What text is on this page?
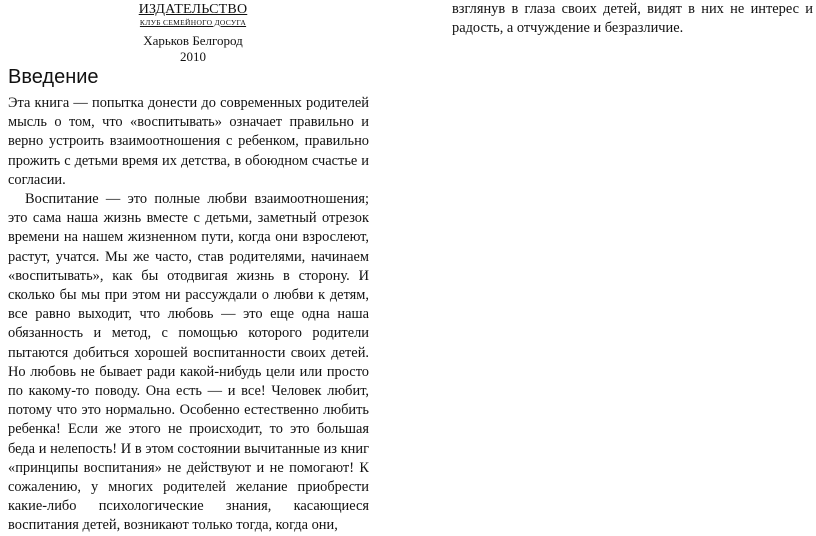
ИЗДАТЕЛЬСТВО
КЛУБ СЕМЕЙНОГО ДОСУГА
Харьков Белгород
2010
Введение

Эта книга — попытка донести до современных родителей мысль о том, что «воспитывать» означает правильно и верно устроить взаимоотношения с ребенком, правильно прожить с детьми время их детства, в обоюдном счастье и согласии.

Воспитание — это полные любви взаимоотношения; это сама наша жизнь вместе с детьми, заметный отрезок времени на нашем жизненном пути, когда они взрослеют, растут, учатся. Мы же часто, став родителями, начинаем «воспитывать», как бы отодвигая жизнь в сторону. И сколько бы мы при этом ни рассуждали о любви к детям, все равно выходит, что любовь — это еще одна наша обязанность и метод, с помощью которого родители пытаются добиться хорошей воспитанности своих детей. Но любовь не бывает ради какой-нибудь цели или просто по какому-то поводу. Она есть — и все! Человек любит, потому что это нормально. Особенно естественно любить ребенка! Если же этого не происходит, то это большая беда и нелепость! И в этом состоянии вычитанные из книг «принципы воспитания» не действуют и не помогают! К сожалению, у многих родителей желание приобрести какие-либо психологические знания, касающиеся воспитания детей, возникают только тогда, когда они,

взглянув в глаза своих детей, видят в них не интерес и радость, а отчуждение и безразличие.
